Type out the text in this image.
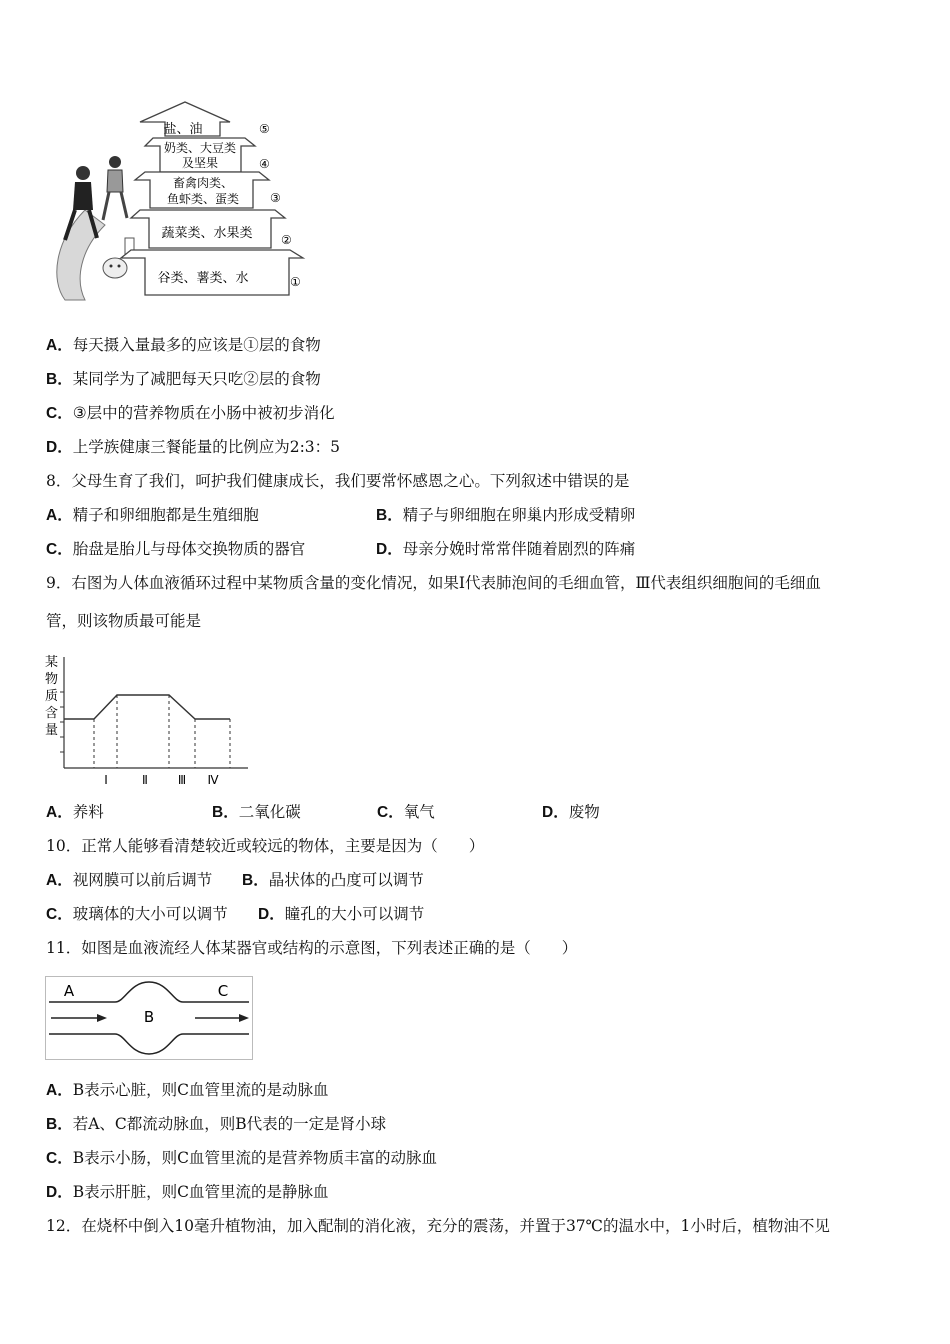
盐、油	⑤
奶类、大豆类
及坚果	④
畜禽肉类、
鱼虾类、蛋类	③
蔬菜类、水果类 ②
谷类、薯类、水	①
A．每天摄入量最多的应该是①层的食物
B．某同学为了减肥每天只吃②层的食物
C．③层中的营养物质在小肠中被初步消化
D．上学族健康三餐能量的比例应为2:3：5
8．父母生育了我们，呵护我们健康成长，我们要常怀感恩之心。下列叙述中错误的是
A．精子和卵细胞都是生殖细胞	B．精子与卵细胞在卵巢内形成受精卵
C．胎盘是胎儿与母体交换物质的器官	D．母亲分娩时常常伴随着剧烈的阵痛
9．右图为人体血液循环过程中某物质含量的变化情况，如果Ⅰ代表肺泡间的毛细血管，Ⅲ代表组织细胞间的毛细血
管，则该物质最可能是
某
物
质
含
量
Ⅰ	Ⅱ Ⅲ Ⅳ
A．养料	B．二氧化碳	C．氧气	D．废物
10．正常人能够看清楚较近或较远的物体，主要是因为（　　）
A．视网膜可以前后调节 B．晶状体的凸度可以调节
C．玻璃体的大小可以调节 D．瞳孔的大小可以调节
11．如图是血液流经人体某器官或结构的示意图，下列表述正确的是（　　）
A
B
C
A．B表示心脏，则C血管里流的是动脉血
B．若A、C都流动脉血，则B代表的一定是肾小球
C．B表示小肠，则C血管里流的是营养物质丰富的动脉血
D．B表示肝脏，则C血管里流的是静脉血
12．在烧杯中倒入10毫升植物油，加入配制的消化液，充分的震荡，并置于37℃的温水中，1小时后，植物油不见
